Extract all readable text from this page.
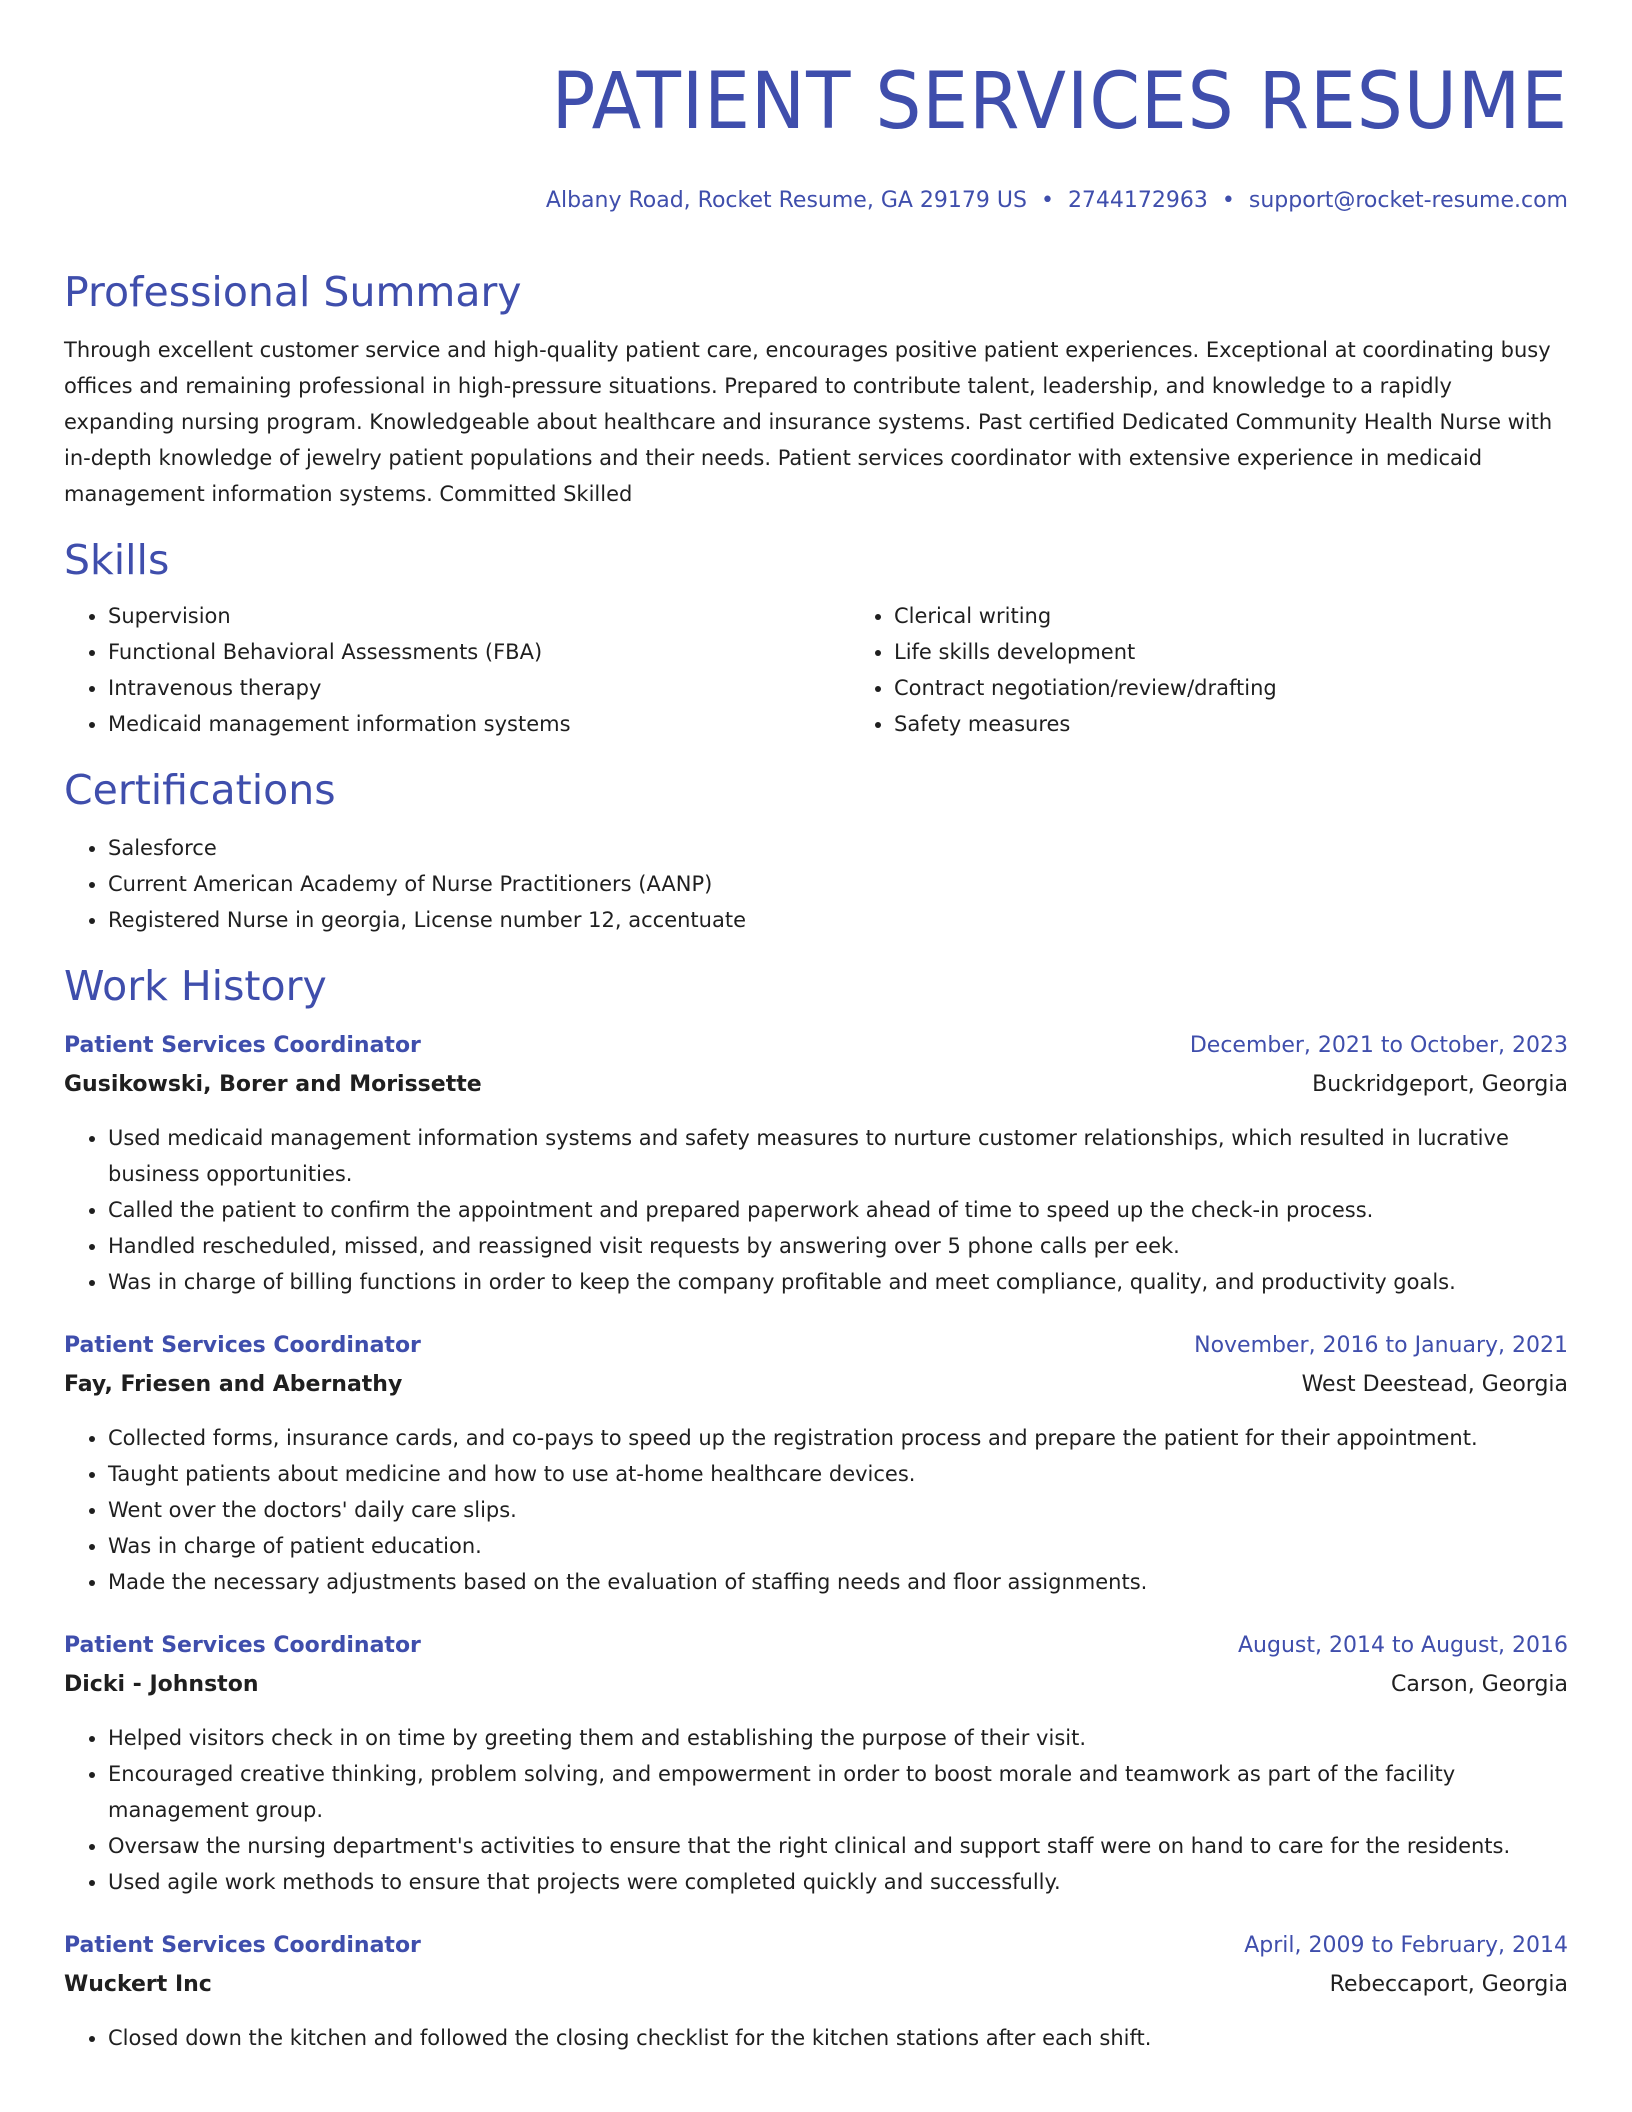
PATIENT SERVICES RESUME
Albany Road, Rocket Resume, GA 29179 US • 2744172963 • support@rocket-resume.com
Professional Summary

Through excellent customer service and high-quality patient care, encourages positive patient experiences. Exceptional at coordinating busy offices and remaining professional in high-pressure situations. Prepared to contribute talent, leadership, and knowledge to a rapidly expanding nursing program. Knowledgeable about healthcare and insurance systems. Past certified Dedicated Community Health Nurse with in-depth knowledge of jewelry patient populations and their needs. Patient services coordinator with extensive experience in medicaid management information systems. Committed Skilled

Skills
• Supervision
• Functional Behavioral Assessments (FBA)
• Intravenous therapy
• Medicaid management information systems
• Clerical writing
• Life skills development
• Contract negotiation/review/drafting
• Safety measures
Certifications
• Salesforce
• Current American Academy of Nurse Practitioners (AANP)
• Registered Nurse in georgia, License number 12, accentuate
Work History
Patient Services Coordinator	December, 2021 to October, 2023
Gusikowski, Borer and Morissette	Buckridgeport, Georgia
• Used medicaid management information systems and safety measures to nurture customer relationships, which resulted in lucrative business opportunities.
• Called the patient to confirm the appointment and prepared paperwork ahead of time to speed up the check-in process.
• Handled rescheduled, missed, and reassigned visit requests by answering over 5 phone calls per eek.
• Was in charge of billing functions in order to keep the company profitable and meet compliance, quality, and productivity goals.
Patient Services Coordinator	November, 2016 to January, 2021
Fay, Friesen and Abernathy	West Deestead, Georgia
• Collected forms, insurance cards, and co-pays to speed up the registration process and prepare the patient for their appointment.
• Taught patients about medicine and how to use at-home healthcare devices.
• Went over the doctors' daily care slips.
• Was in charge of patient education.
• Made the necessary adjustments based on the evaluation of staffing needs and floor assignments.
Patient Services Coordinator	August, 2014 to August, 2016
Dicki - Johnston	Carson, Georgia
• Helped visitors check in on time by greeting them and establishing the purpose of their visit.
• Encouraged creative thinking, problem solving, and empowerment in order to boost morale and teamwork as part of the facility management group.
• Oversaw the nursing department's activities to ensure that the right clinical and support staff were on hand to care for the residents.
• Used agile work methods to ensure that projects were completed quickly and successfully.
Patient Services Coordinator	April, 2009 to February, 2014
Wuckert Inc	Rebeccaport, Georgia
• Closed down the kitchen and followed the closing checklist for the kitchen stations after each shift.
